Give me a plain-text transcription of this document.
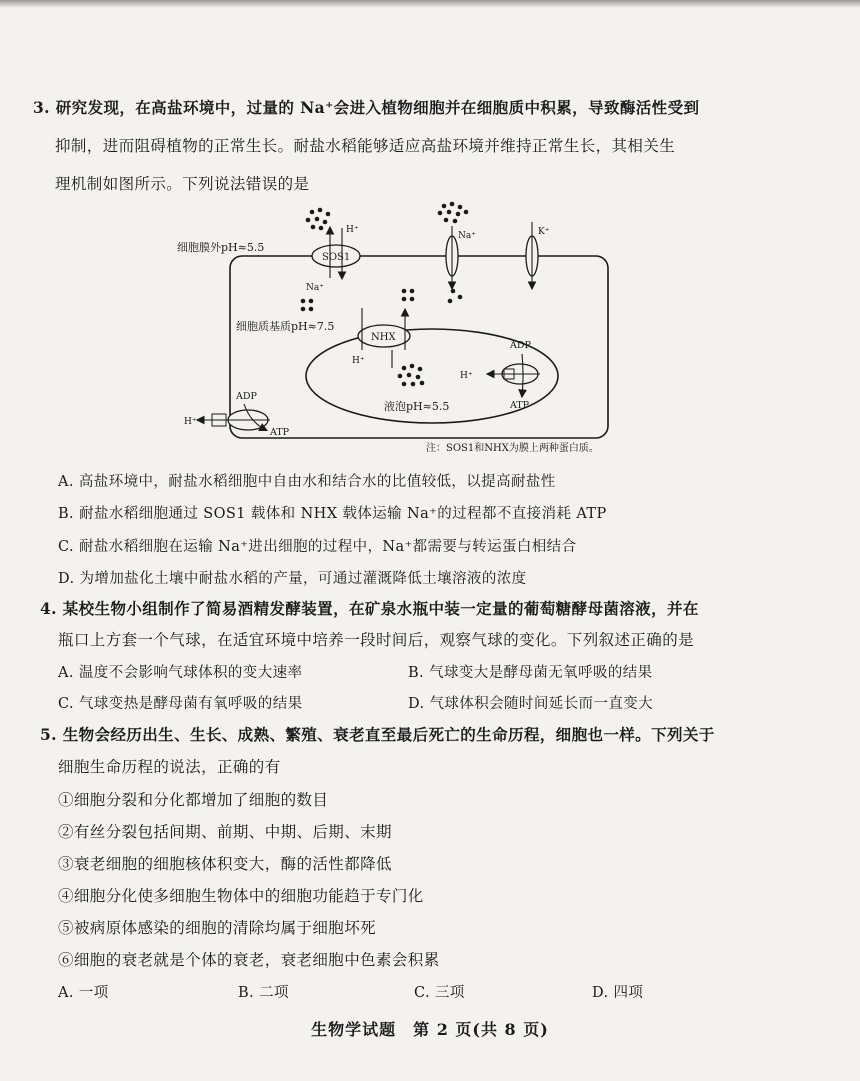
3. 研究发现，在高盐环境中，过量的 Na⁺会进入植物细胞并在细胞质中积累，导致酶活性受到
抑制，进而阻碍植物的正常生长。耐盐水稻能够适应高盐环境并维持正常生长，其相关生
理机制如图所示。下列说法错误的是
细胞膜外pH≈5.5
细胞质基质pH≈7.5
液泡pH≈5.5
SOS1
H⁺
Na⁺
Na⁺	K⁺
NHX
H⁺
H⁺
ADP
ATP
H⁺
ADP
ATP
注：SOS1和NHX为膜上两种蛋白质。
A. 高盐环境中，耐盐水稻细胞中自由水和结合水的比值较低，以提高耐盐性
B. 耐盐水稻细胞通过 SOS1 载体和 NHX 载体运输 Na⁺的过程都不直接消耗 ATP
C. 耐盐水稻细胞在运输 Na⁺进出细胞的过程中，Na⁺都需要与转运蛋白相结合
D. 为增加盐化土壤中耐盐水稻的产量，可通过灌溉降低土壤溶液的浓度
4. 某校生物小组制作了简易酒精发酵装置，在矿泉水瓶中装一定量的葡萄糖酵母菌溶液，并在
瓶口上方套一个气球，在适宜环境中培养一段时间后，观察气球的变化。下列叙述正确的是
A. 温度不会影响气球体积的变大速率	B. 气球变大是酵母菌无氧呼吸的结果
C. 气球变热是酵母菌有氧呼吸的结果	D. 气球体积会随时间延长而一直变大
5. 生物会经历出生、生长、成熟、繁殖、衰老直至最后死亡的生命历程，细胞也一样。下列关于
细胞生命历程的说法，正确的有
①细胞分裂和分化都增加了细胞的数目
②有丝分裂包括间期、前期、中期、后期、末期
③衰老细胞的细胞核体积变大，酶的活性都降低
④细胞分化使多细胞生物体中的细胞功能趋于专门化
⑤被病原体感染的细胞的清除均属于细胞坏死
⑥细胞的衰老就是个体的衰老，衰老细胞中色素会积累
A. 一项	B. 二项	C. 三项	D. 四项
生物学试题　第 2 页(共 8 页)
